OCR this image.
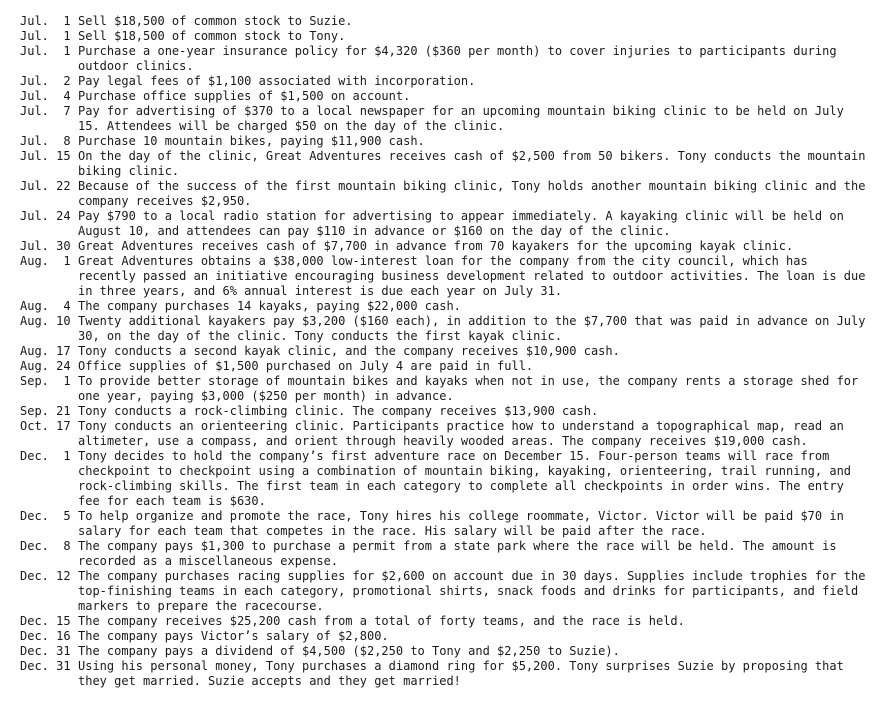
Jul.  1 Sell $18,500 of common stock to Suzie.
Jul.  1 Sell $18,500 of common stock to Tony.
Jul.  1 Purchase a one-year insurance policy for $4,320 ($360 per month) to cover injuries to participants during outdoor clinics.
Jul.  2 Pay legal fees of $1,100 associated with incorporation.
Jul.  4 Purchase office supplies of $1,500 on account.
Jul.  7 Pay for advertising of $370 to a local newspaper for an upcoming mountain biking clinic to be held on July 15. Attendees will be charged $50 on the day of the clinic.
Jul.  8 Purchase 10 mountain bikes, paying $11,900 cash.
Jul. 15 On the day of the clinic, Great Adventures receives cash of $2,500 from 50 bikers. Tony conducts the mountain biking clinic.
Jul. 22 Because of the success of the first mountain biking clinic, Tony holds another mountain biking clinic and the company receives $2,950.
Jul. 24 Pay $790 to a local radio station for advertising to appear immediately. A kayaking clinic will be held on August 10, and attendees can pay $110 in advance or $160 on the day of the clinic.
Jul. 30 Great Adventures receives cash of $7,700 in advance from 70 kayakers for the upcoming kayak clinic.
Aug.  1 Great Adventures obtains a $38,000 low-interest loan for the company from the city council, which has recently passed an initiative encouraging business development related to outdoor activities. The loan is due in three years, and 6% annual interest is due each year on July 31.
Aug.  4 The company purchases 14 kayaks, paying $22,000 cash.
Aug. 10 Twenty additional kayakers pay $3,200 ($160 each), in addition to the $7,700 that was paid in advance on July 30, on the day of the clinic. Tony conducts the first kayak clinic.
Aug. 17 Tony conducts a second kayak clinic, and the company receives $10,900 cash.
Aug. 24 Office supplies of $1,500 purchased on July 4 are paid in full.
Sep.  1 To provide better storage of mountain bikes and kayaks when not in use, the company rents a storage shed for one year, paying $3,000 ($250 per month) in advance.
Sep. 21 Tony conducts a rock-climbing clinic. The company receives $13,900 cash.
Oct. 17 Tony conducts an orienteering clinic. Participants practice how to understand a topographical map, read an altimeter, use a compass, and orient through heavily wooded areas. The company receives $19,000 cash.
Dec.  1 Tony decides to hold the company’s first adventure race on December 15. Four-person teams will race from checkpoint to checkpoint using a combination of mountain biking, kayaking, orienteering, trail running, and rock-climbing skills. The first team in each category to complete all checkpoints in order wins. The entry fee for each team is $630.
Dec.  5 To help organize and promote the race, Tony hires his college roommate, Victor. Victor will be paid $70 in salary for each team that competes in the race. His salary will be paid after the race.
Dec.  8 The company pays $1,300 to purchase a permit from a state park where the race will be held. The amount is recorded as a miscellaneous expense.
Dec. 12 The company purchases racing supplies for $2,600 on account due in 30 days. Supplies include trophies for the top-finishing teams in each category, promotional shirts, snack foods and drinks for participants, and field markers to prepare the racecourse.
Dec. 15 The company receives $25,200 cash from a total of forty teams, and the race is held.
Dec. 16 The company pays Victor’s salary of $2,800.
Dec. 31 The company pays a dividend of $4,500 ($2,250 to Tony and $2,250 to Suzie).
Dec. 31 Using his personal money, Tony purchases a diamond ring for $5,200. Tony surprises Suzie by proposing that they get married. Suzie accepts and they get married!
